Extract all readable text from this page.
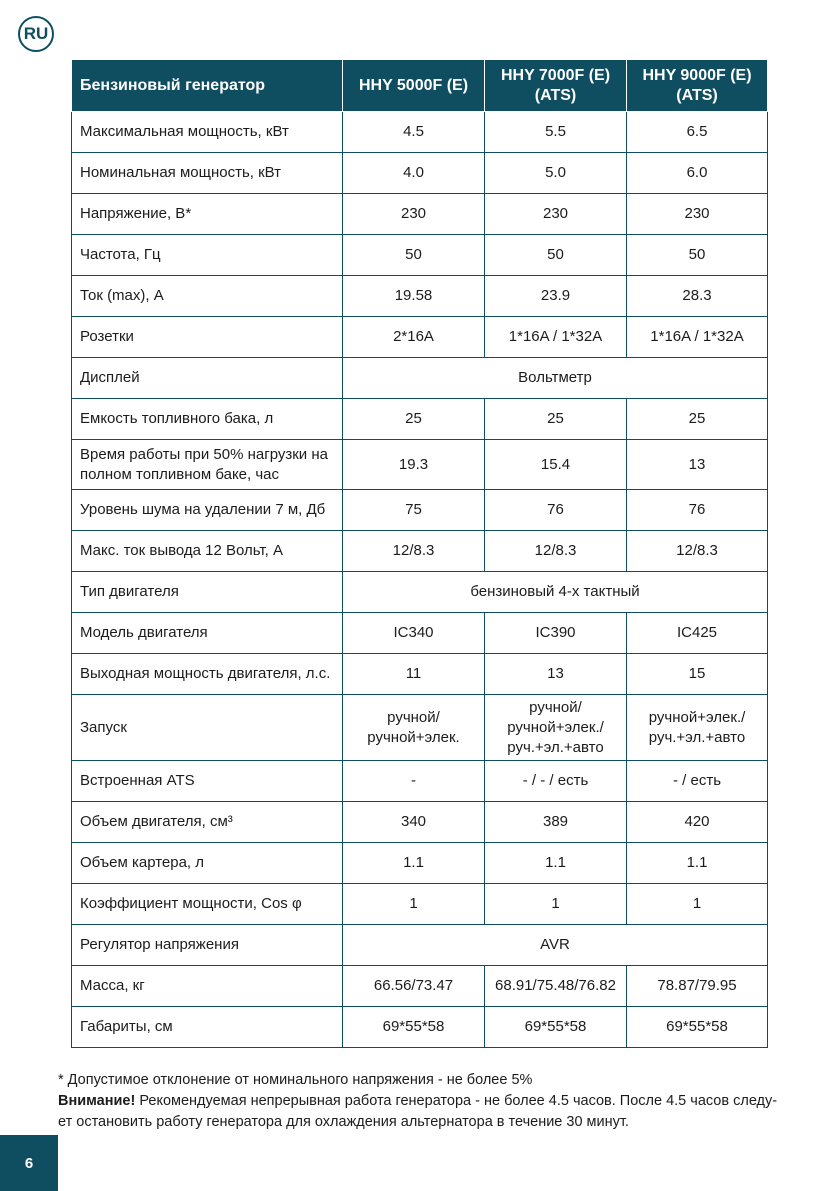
RU
Бензиновый генератор	HHY 5000F (E)	HHY 7000F (E) (ATS)	HHY 9000F (E) (ATS)
Максимальная мощность, кВт	4.5	5.5	6.5
Номинальная мощность, кВт	4.0	5.0	6.0
Напряжение, В*	230	230	230
Частота, Гц	50	50	50
Ток (max), А	19.58	23.9	28.3
Розетки	2*16A	1*16A / 1*32A	1*16A / 1*32A
Дисплей	Вольтметр		
Емкость топливного бака, л	25	25	25
Время работы при 50% нагрузки на полном топливном баке, час	19.3	15.4	13
Уровень шума на удалении 7 м, Дб	75	76	76
Макс. ток вывода 12 Вольт, А	12/8.3	12/8.3	12/8.3
Тип двигателя	бензиновый 4-х тактный		
Модель двигателя	IC340	IC390	IC425
Выходная мощность двигателя, л.с.	11	13	15
Запуск	ручной/ ручной+элек.	ручной/ ручной+элек./ руч.+эл.+авто	ручной+элек./ руч.+эл.+авто
Встроенная ATS	-	- / - / есть	- / есть
Объем двигателя, см³	340	389	420
Объем картера, л	1.1	1.1	1.1
Коэффициент мощности, Cos φ	1	1	1
Регулятор напряжения	AVR		
Масса, кг	66.56/73.47	68.91/75.48/76.82	78.87/79.95
Габариты, см	69*55*58	69*55*58	69*55*58

* Допустимое отклонение от номинального напряжения - не более 5%

Внимание! Рекомендуемая непрерывная работа генератора - не более 4.5 часов. После 4.5 часов следу-ет остановить работу генератора для охлаждения альтернатора в течение 30 минут.

6
